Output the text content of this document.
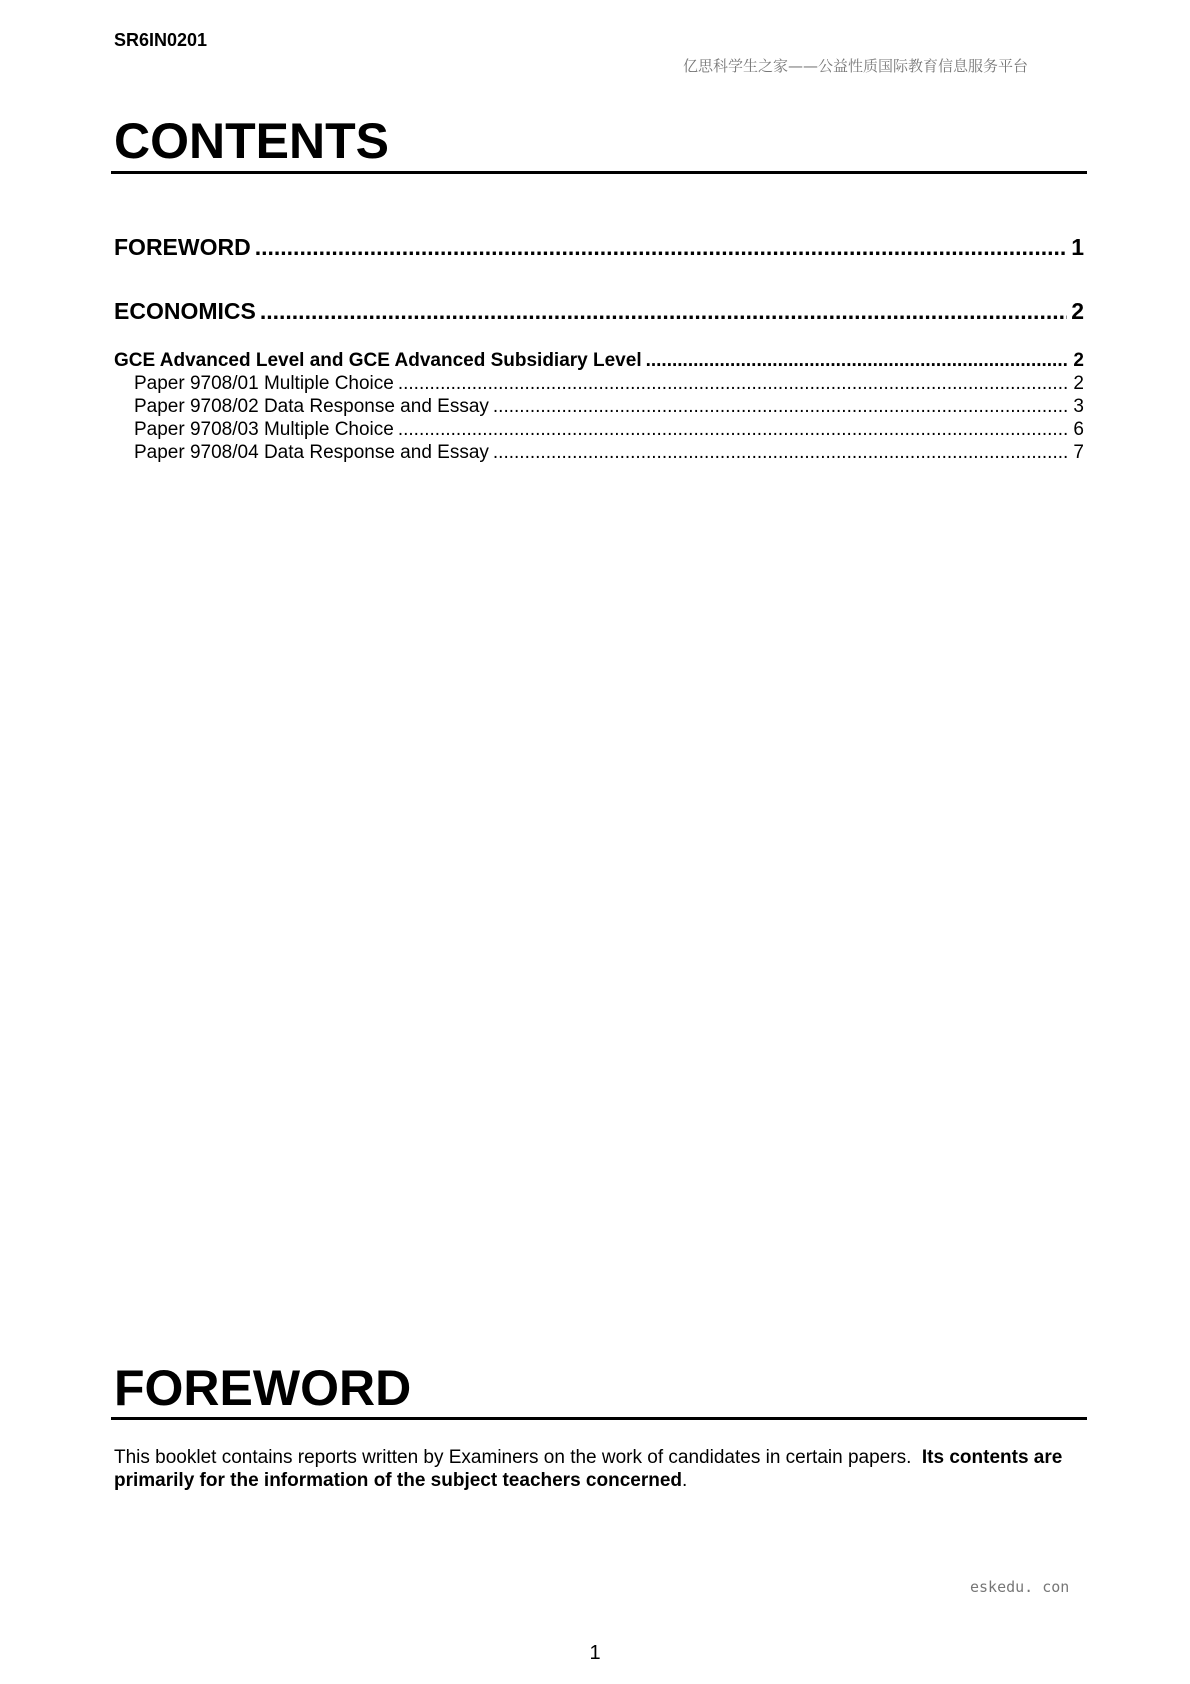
SR6IN0201
亿思科学生之家——公益性质国际教育信息服务平台
CONTENTS
FOREWORD .....	1
ECONOMICS .....	2
GCE Advanced Level and GCE Advanced Subsidiary Level .....	2
Paper 9708/01 Multiple Choice .....	2
Paper 9708/02 Data Response and Essay .....	3
Paper 9708/03 Multiple Choice .....	6
Paper 9708/04 Data Response and Essay .....	7
FOREWORD

This booklet contains reports written by Examiners on the work of candidates in certain papers.  Its contents are primarily for the information of the subject teachers concerned.

eskedu. con
1
